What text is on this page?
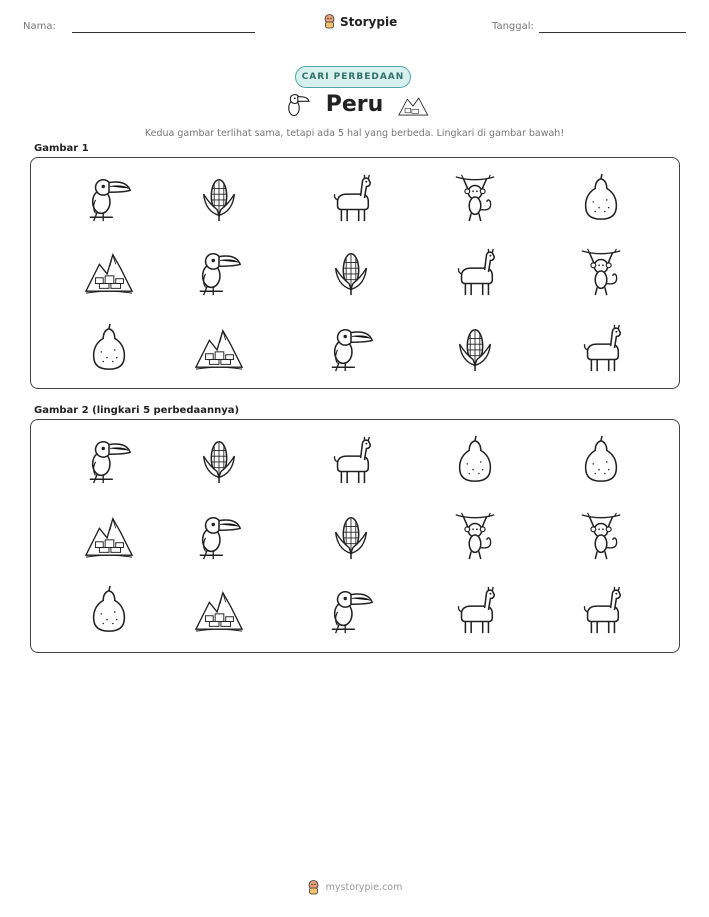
Nama:	Storypie	Tanggal:
CARI PERBEDAAN
Peru
Kedua gambar terlihat sama, tetapi ada 5 hal yang berbeda. Lingkari di gambar bawah!
Gambar 1
Gambar 2 (lingkari 5 perbedaannya)
mystorypie.com
